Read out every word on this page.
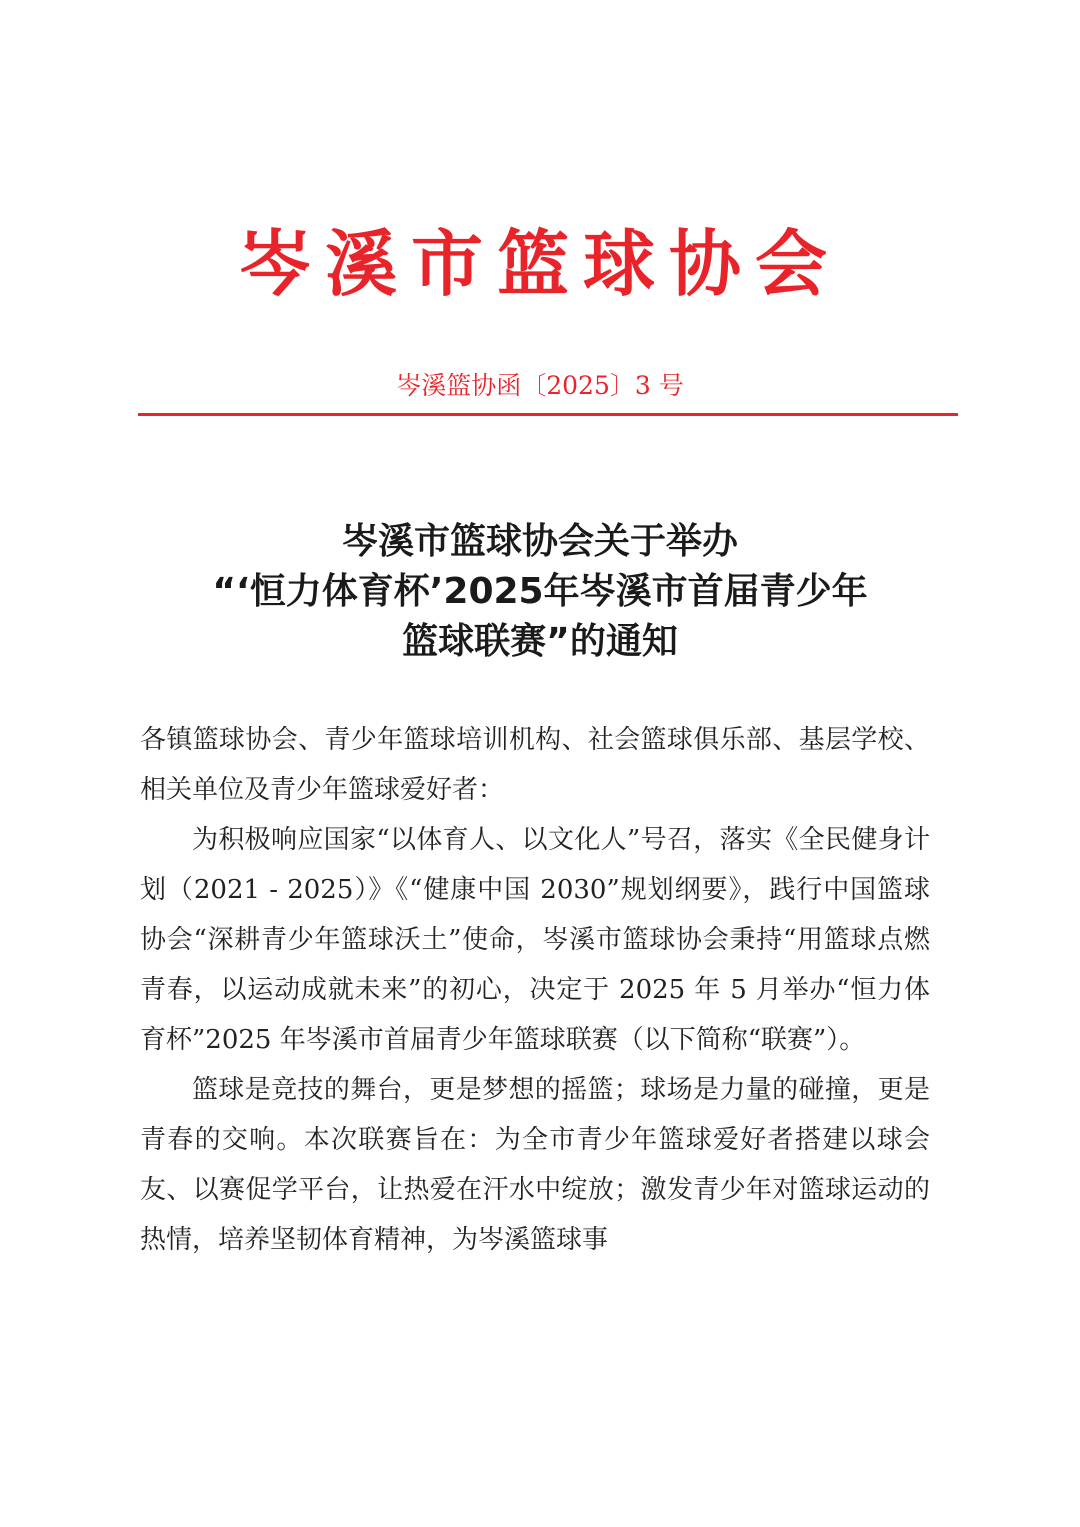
岑溪市篮球协会
岑溪篮协函〔2025〕3 号
岑溪市篮球协会关于举办
“‘恒力体育杯’2025年岑溪市首届青少年
篮球联赛”的通知

各镇篮球协会、青少年篮球培训机构、社会篮球俱乐部、基层学校、相关单位及青少年篮球爱好者：

为积极响应国家“以体育人、以文化人”号召，落实《全民健身计划（2021 - 2025）》《“健康中国 2030”规划纲要》，践行中国篮球协会“深耕青少年篮球沃土”使命，岑溪市篮球协会秉持“用篮球点燃青春，以运动成就未来”的初心，决定于 2025 年 5 月举办“恒力体育杯”2025 年岑溪市首届青少年篮球联赛（以下简称“联赛”）。

篮球是竞技的舞台，更是梦想的摇篮；球场是力量的碰撞，更是青春的交响。本次联赛旨在：为全市青少年篮球爱好者搭建以球会友、以赛促学平台，让热爱在汗水中绽放；激发青少年对篮球运动的热情，培养坚韧体育精神，为岑溪篮球事
